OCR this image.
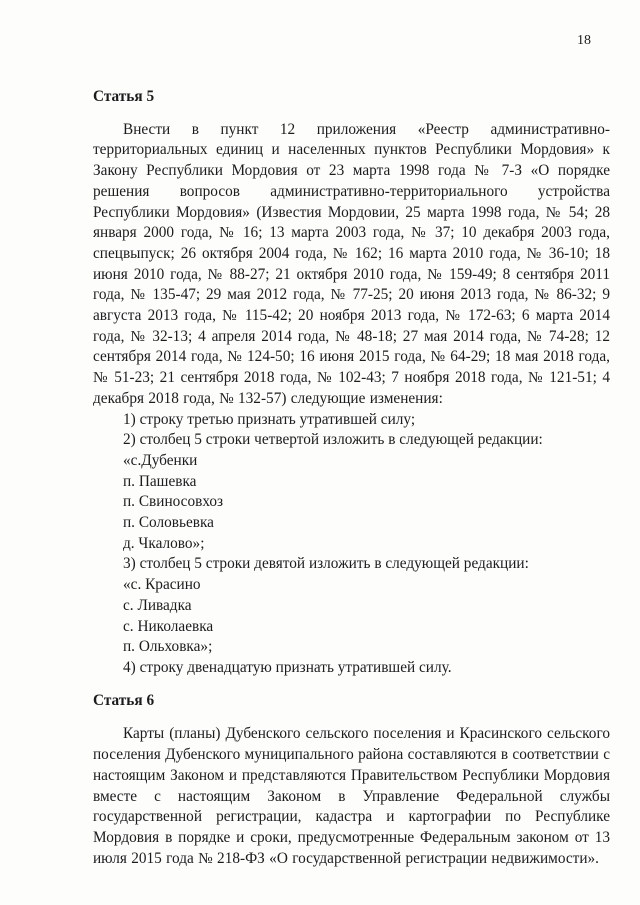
18

Статья 5

Внести в пункт 12 приложения «Реестр административно-территориальных единиц и населенных пунктов Республики Мордовия» к Закону Республики Мордовия от 23 марта 1998 года № 7-З «О порядке решения вопросов административно-территориального устройства Республики Мордовия» (Известия Мордовии, 25 марта 1998 года, № 54; 28 января 2000 года, № 16; 13 марта 2003 года, № 37; 10 декабря 2003 года, спецвыпуск; 26 октября 2004 года, № 162; 16 марта 2010 года, № 36-10; 18 июня 2010 года, № 88-27; 21 октября 2010 года, № 159-49; 8 сентября 2011 года, № 135-47; 29 мая 2012 года, № 77-25; 20 июня 2013 года, № 86-32; 9 августа 2013 года, № 115-42; 20 ноября 2013 года, № 172-63; 6 марта 2014 года, № 32-13; 4 апреля 2014 года, № 48-18; 27 мая 2014 года, № 74-28; 12 сентября 2014 года, № 124-50; 16 июня 2015 года, № 64-29; 18 мая 2018 года, № 51-23; 21 сентября 2018 года, № 102-43; 7 ноября 2018 года, № 121-51; 4 декабря 2018 года, № 132-57) следующие изменения:

1) строку третью признать утратившей силу;
2) столбец 5 строки четвертой изложить в следующей редакции:
«с.Дубенки
п. Пашевка
п. Свиносовхоз
п. Соловьевка
д. Чкалово»;
3) столбец 5 строки девятой изложить в следующей редакции:
«с. Красино
с. Ливадка
с. Николаевка
п. Ольховка»;
4) строку двенадцатую признать утратившей силу.

Статья 6

Карты (планы) Дубенского сельского поселения и Красинского сельского поселения Дубенского муниципального района составляются в соответствии с настоящим Законом и представляются Правительством Республики Мордовия вместе с настоящим Законом в Управление Федеральной службы государственной регистрации, кадастра и картографии по Республике Мордовия в порядке и сроки, предусмотренные Федеральным законом от 13 июля 2015 года № 218-ФЗ «О государственной регистрации недвижимости».
